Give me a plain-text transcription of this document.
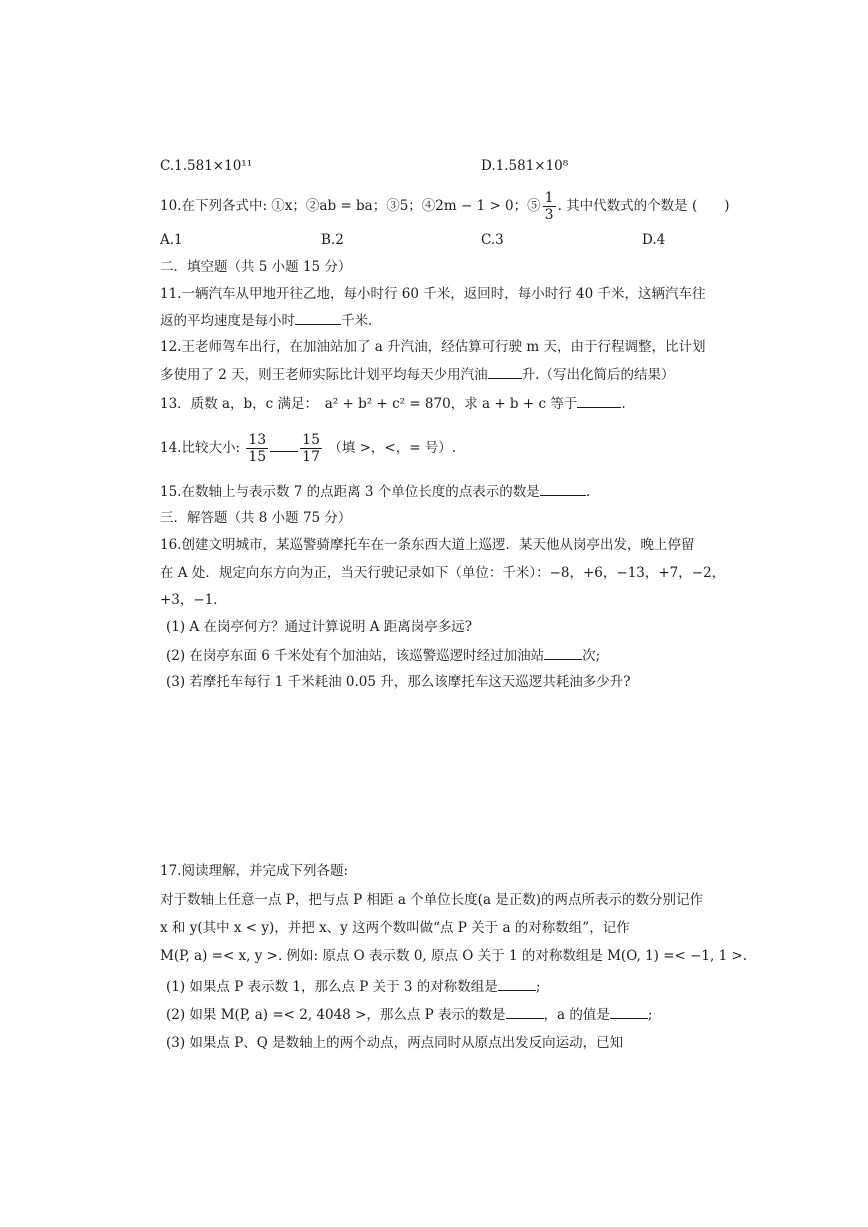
C.1.581×10¹¹	D.1.581×10⁸
10.在下列各式中: ①x；②ab = ba；③5；④2m − 1 > 0；⑤ $\frac{1}{3}$ . 其中代数式的个数是 (　　)
A.1	B.2	C.3	D.4
二．填空题（共 5 小题 15 分）
11.一辆汽车从甲地开往乙地，每小时行 60 千米，返回时，每小时行 40 千米，这辆汽车往
返的平均速度是每小时	千米.
12.王老师驾车出行，在加油站加了 a 升汽油，经估算可行驶 m 天，由于行程调整，比计划
多使用了 2 天，则王老师实际比计划平均每天少用汽油	升.（写出化简后的结果）
13．质数 a，b，c 满足：　a² + b² + c² = 870，求 a + b + c 等于	.
14.比较大小: $\frac{13}{15} \frac{15}{17}$ （填 >，<，= 号）.
15.在数轴上与表示数 7 的点距离 3 个单位长度的点表示的数是	.
三．解答题（共 8 小题 75 分）
16.创建文明城市，某巡警骑摩托车在一条东西大道上巡逻．某天他从岗亭出发，晚上停留
在 A 处．规定向东方向为正，当天行驶记录如下（单位：千米）：−8，+6，−13，+7，−2，
+3，−1．
(1) A 在岗亭何方？通过计算说明 A 距离岗亭多远?
(2) 在岗亭东面 6 千米处有个加油站，该巡警巡逻时经过加油站	次;
(3) 若摩托车每行 1 千米耗油 0.05 升，那么该摩托车这天巡逻共耗油多少升?
17.阅读理解，并完成下列各题:
对于数轴上任意一点 P，把与点 P 相距 a 个单位长度(a 是正数)的两点所表示的数分别记作
x 和 y(其中 x < y)，并把 x、y 这两个数叫做“点 P 关于 a 的对称数组”，记作
M(P, a) =< x, y >. 例如: 原点 O 表示数 0, 原点 O 关于 1 的对称数组是 M(O, 1) =< −1, 1 >.
(1) 如果点 P 表示数 1，那么点 P 关于 3 的对称数组是	;
(2) 如果 M(P, a) =< 2, 4048 >，那么点 P 表示的数是	，a 的值是	;
(3) 如果点 P、Q 是数轴上的两个动点，两点同时从原点出发反向运动，已知
